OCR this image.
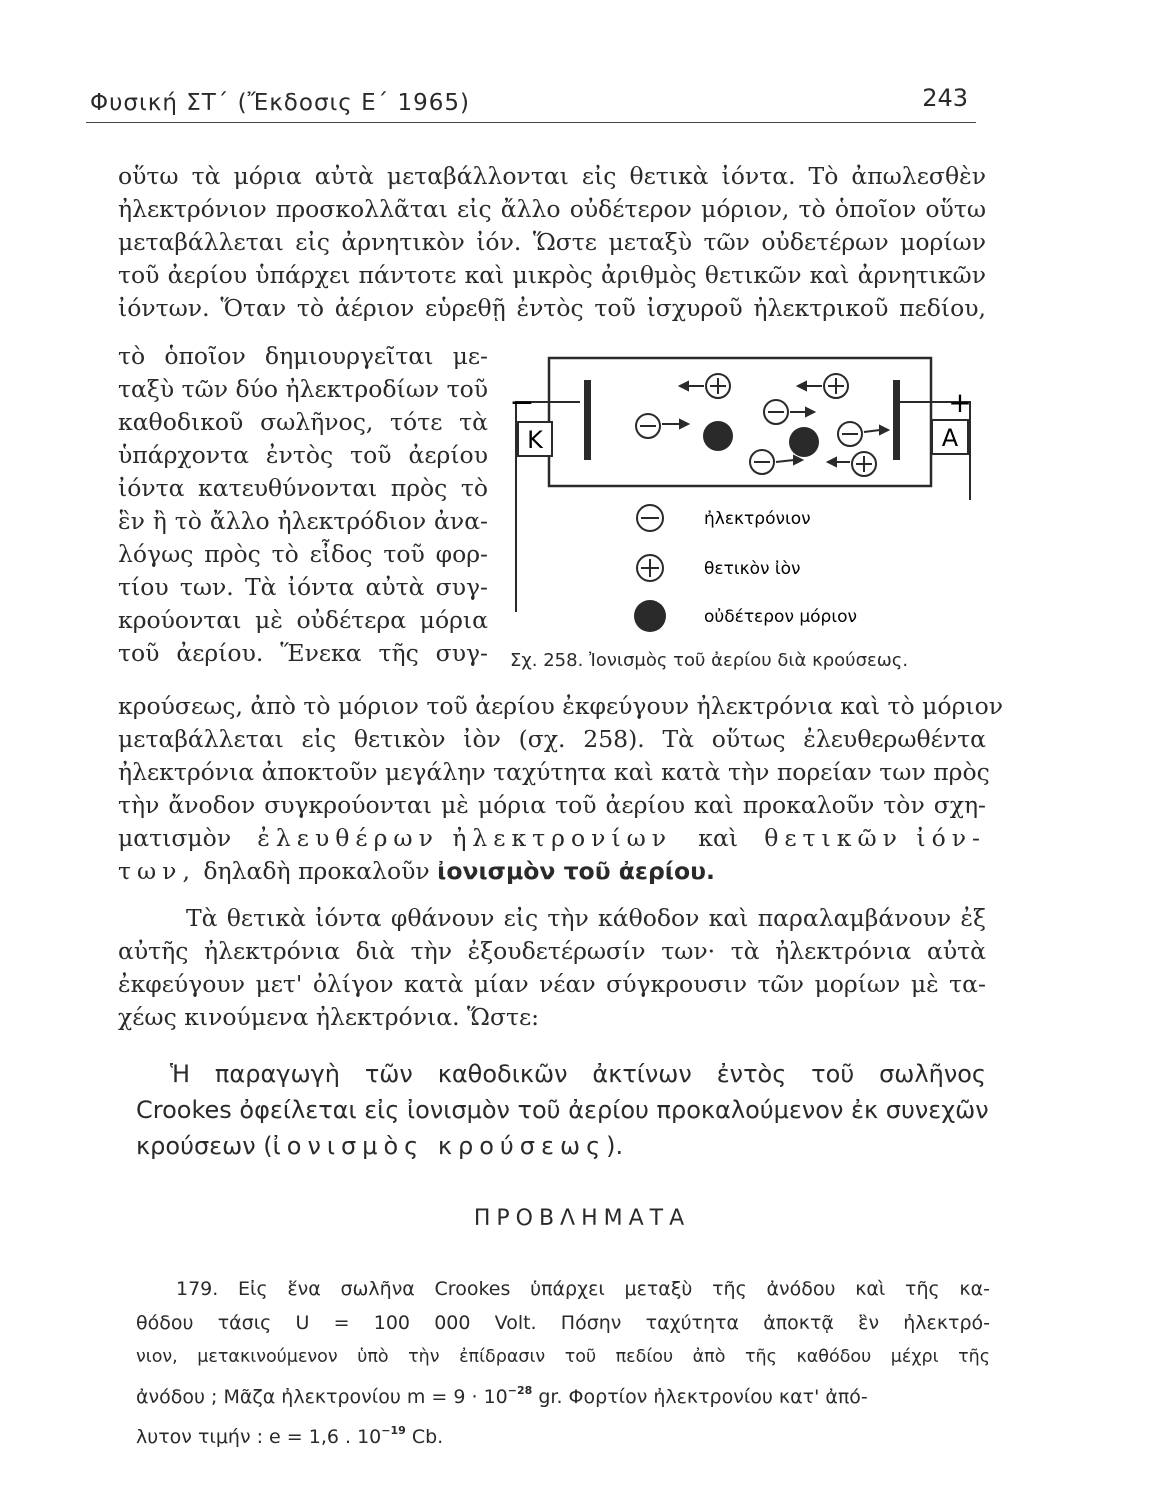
Φυσική ΣΤ΄ (Ἔκδοσις Ε΄ 1965)	243
οὕτω τὰ μόρια αὐτὰ μεταβάλλονται εἰς θετικὰ ἰόντα. Τὸ ἀπωλεσθὲν
ἠλεκτρόνιον προσκολλᾶται εἰς ἄλλο οὐδέτερον μόριον, τὸ ὁποῖον οὕτω
μεταβάλλεται εἰς ἀρνητικὸν ἰόν. Ὥστε μεταξὺ τῶν οὐδετέρων μορίων
τοῦ ἀερίου ὑπάρχει πάντοτε καὶ μικρὸς ἀριθμὸς θετικῶν καὶ ἀρνητικῶν
ἰόντων. Ὅταν τὸ ἀέριον εὑρεθῇ ἐντὸς τοῦ ἰσχυροῦ ἠλεκτρικοῦ πεδίου,
τὸ ὁποῖον δημιουργεῖται με-
ταξὺ τῶν δύο ἠλεκτροδίων τοῦ
καθοδικοῦ σωλῆνος, τότε τὰ
ὑπάρχοντα ἐντὸς τοῦ ἀερίου
ἰόντα κατευθύνονται πρὸς τὸ
ἓν ἢ τὸ ἄλλο ἠλεκτρόδιον ἀνα-
λόγως πρὸς τὸ εἶδος τοῦ φορ-
τίου των. Τὰ ἰόντα αὐτὰ συγ-
κρούονται μὲ οὐδέτερα μόρια
τοῦ ἀερίου. Ἕνεκα τῆς συγ-
K	A
−	+
ἠλεκτρόνιον
θετικὸν ἰὸν
οὐδέτερον μόριον
Σχ. 258. Ἰονισμὸς τοῦ ἀερίου διὰ κρούσεως.
κρούσεως, ἀπὸ τὸ μόριον τοῦ ἀερίου ἐκφεύγουν ἠλεκτρόνια καὶ τὸ μόριον
μεταβάλλεται εἰς θετικὸν ἰὸν (σχ. 258). Τὰ οὕτως ἐλευθερωθέντα
ἠλεκτρόνια ἀποκτοῦν μεγάλην ταχύτητα καὶ κατὰ τὴν πορείαν των πρὸς
τὴν ἄνοδον συγκρούονται μὲ μόρια τοῦ ἀερίου καὶ προκαλοῦν τὸν σχη-
ματισμὸν ἐλευθέρων ἠλεκτρονίων καὶ θετικῶν ἰόν-
των, δηλαδὴ προκαλοῦν ἰονισμὸν τοῦ ἀερίου.
Τὰ θετικὰ ἰόντα φθάνουν εἰς τὴν κάθοδον καὶ παραλαμβάνουν ἐξ
αὐτῆς ἠλεκτρόνια διὰ τὴν ἐξουδετέρωσίν των· τὰ ἠλεκτρόνια αὐτὰ
ἐκφεύγουν μετ' ὀλίγον κατὰ μίαν νέαν σύγκρουσιν τῶν μορίων μὲ τα-
χέως κινούμενα ἠλεκτρόνια. Ὥστε:
Ἡ παραγωγὴ τῶν καθοδικῶν ἀκτίνων ἐντὸς τοῦ σωλῆνος
Crookes ὀφείλεται εἰς ἰονισμὸν τοῦ ἀερίου προκαλούμενον ἐκ συνεχῶν
κρούσεων (ἰονισμὸς κρούσεως).
ΠΡΟΒΛΗΜΑΤΑ
179. Εἰς ἕνα σωλῆνα Crookes ὑπάρχει μεταξὺ τῆς ἀνόδου καὶ τῆς κα-
θόδου τάσις U = 100 000 Volt. Πόσην ταχύτητα ἀποκτᾷ ἓν ἠλεκτρό-
νιον, μετακινούμενον ὑπὸ τὴν ἐπίδρασιν τοῦ πεδίου ἀπὸ τῆς καθόδου μέχρι τῆς
ἀνόδου ; Μᾶζα ἠλεκτρονίου $m = 9 \cdot 10^{-28}$ gr. Φορτίον ἠλεκτρονίου κατ' ἀπό-
λυτον τιμήν : e = 1,6 . $10^{-19}$ Cb.
